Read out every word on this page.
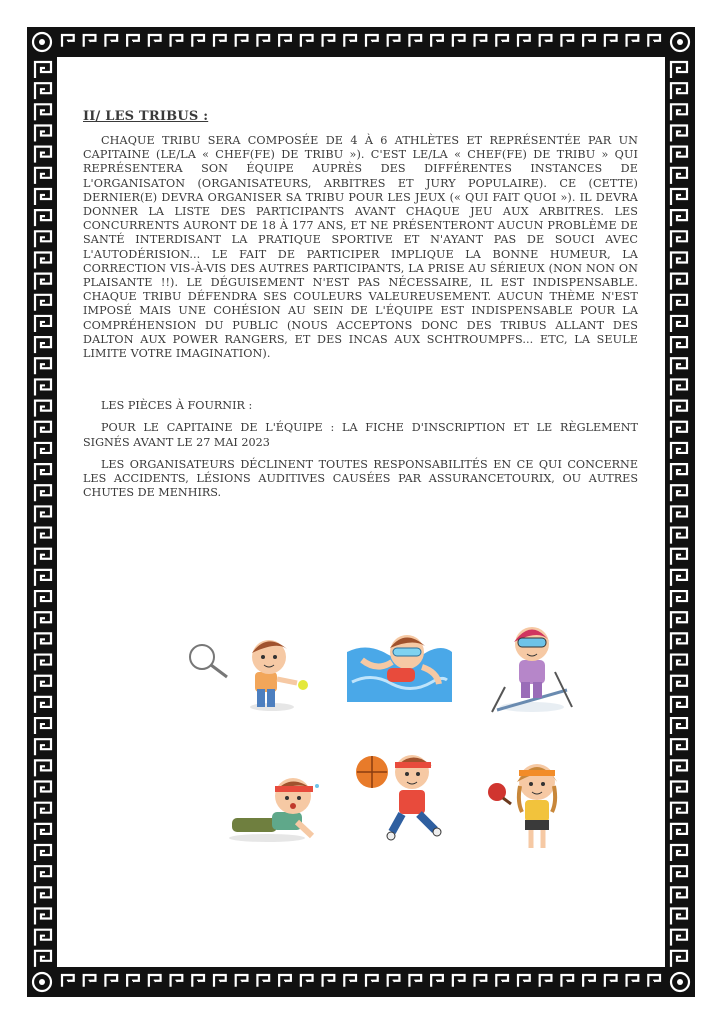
II/ LES TRIBUS :

CHAQUE TRIBU SERA COMPOSÉE DE 4 À 6 ATHLÈTES ET REPRÉSENTÉE PAR UN CAPITAINE (LE/LA « CHEF(FE) DE TRIBU »). C'EST LE/LA « CHEF(FE) DE TRIBU » QUI REPRÉSENTERA SON ÉQUIPE AUPRÈS DES DIFFÉRENTES INSTANCES DE L'ORGANISATON (ORGANISATEURS, ARBITRES ET JURY POPULAIRE). CE (CETTE) DERNIER(E) DEVRA ORGANISER SA TRIBU POUR LES JEUX (« QUI FAIT QUOI »). IL DEVRA DONNER LA LISTE DES PARTICIPANTS AVANT CHAQUE JEU AUX ARBITRES. LES CONCURRENTS AURONT DE 18 À 177 ANS, ET NE PRÉSENTERONT AUCUN PROBLÈME DE SANTÉ INTERDISANT LA PRATIQUE SPORTIVE ET N'AYANT PAS DE SOUCI AVEC L'AUTODÉRISION... LE FAIT DE PARTICIPER IMPLIQUE LA BONNE HUMEUR, LA CORRECTION VIS-À-VIS DES AUTRES PARTICIPANTS, LA PRISE AU SÉRIEUX (NON NON ON PLAISANTE !!). LE DÉGUISEMENT N'EST PAS NÉCESSAIRE, IL EST INDISPENSABLE. CHAQUE TRIBU DÉFENDRA SES COULEURS VALEUREUSEMENT. AUCUN THÈME N'EST IMPOSÉ MAIS UNE COHÉSION AU SEIN DE L'ÉQUIPE EST INDISPENSABLE POUR LA COMPRÉHENSION DU PUBLIC (NOUS ACCEPTONS DONC DES TRIBUS ALLANT DES DALTON AUX POWER RANGERS, ET DES INCAS AUX SCHTROUMPFS... ETC, LA SEULE LIMITE VOTRE IMAGINATION).

LES PIÈCES À FOURNIR :

POUR LE CAPITAINE DE L'ÉQUIPE : LA FICHE D'INSCRIPTION ET LE RÈGLEMENT SIGNÉS AVANT LE 27 MAI 2023

LES ORGANISATEURS DÉCLINENT TOUTES RESPONSABILITÉS EN CE QUI CONCERNE LES ACCIDENTS, LÉSIONS AUDITIVES CAUSÉES PAR ASSURANCETOURIX, OU AUTRES CHUTES DE MENHIRS.
